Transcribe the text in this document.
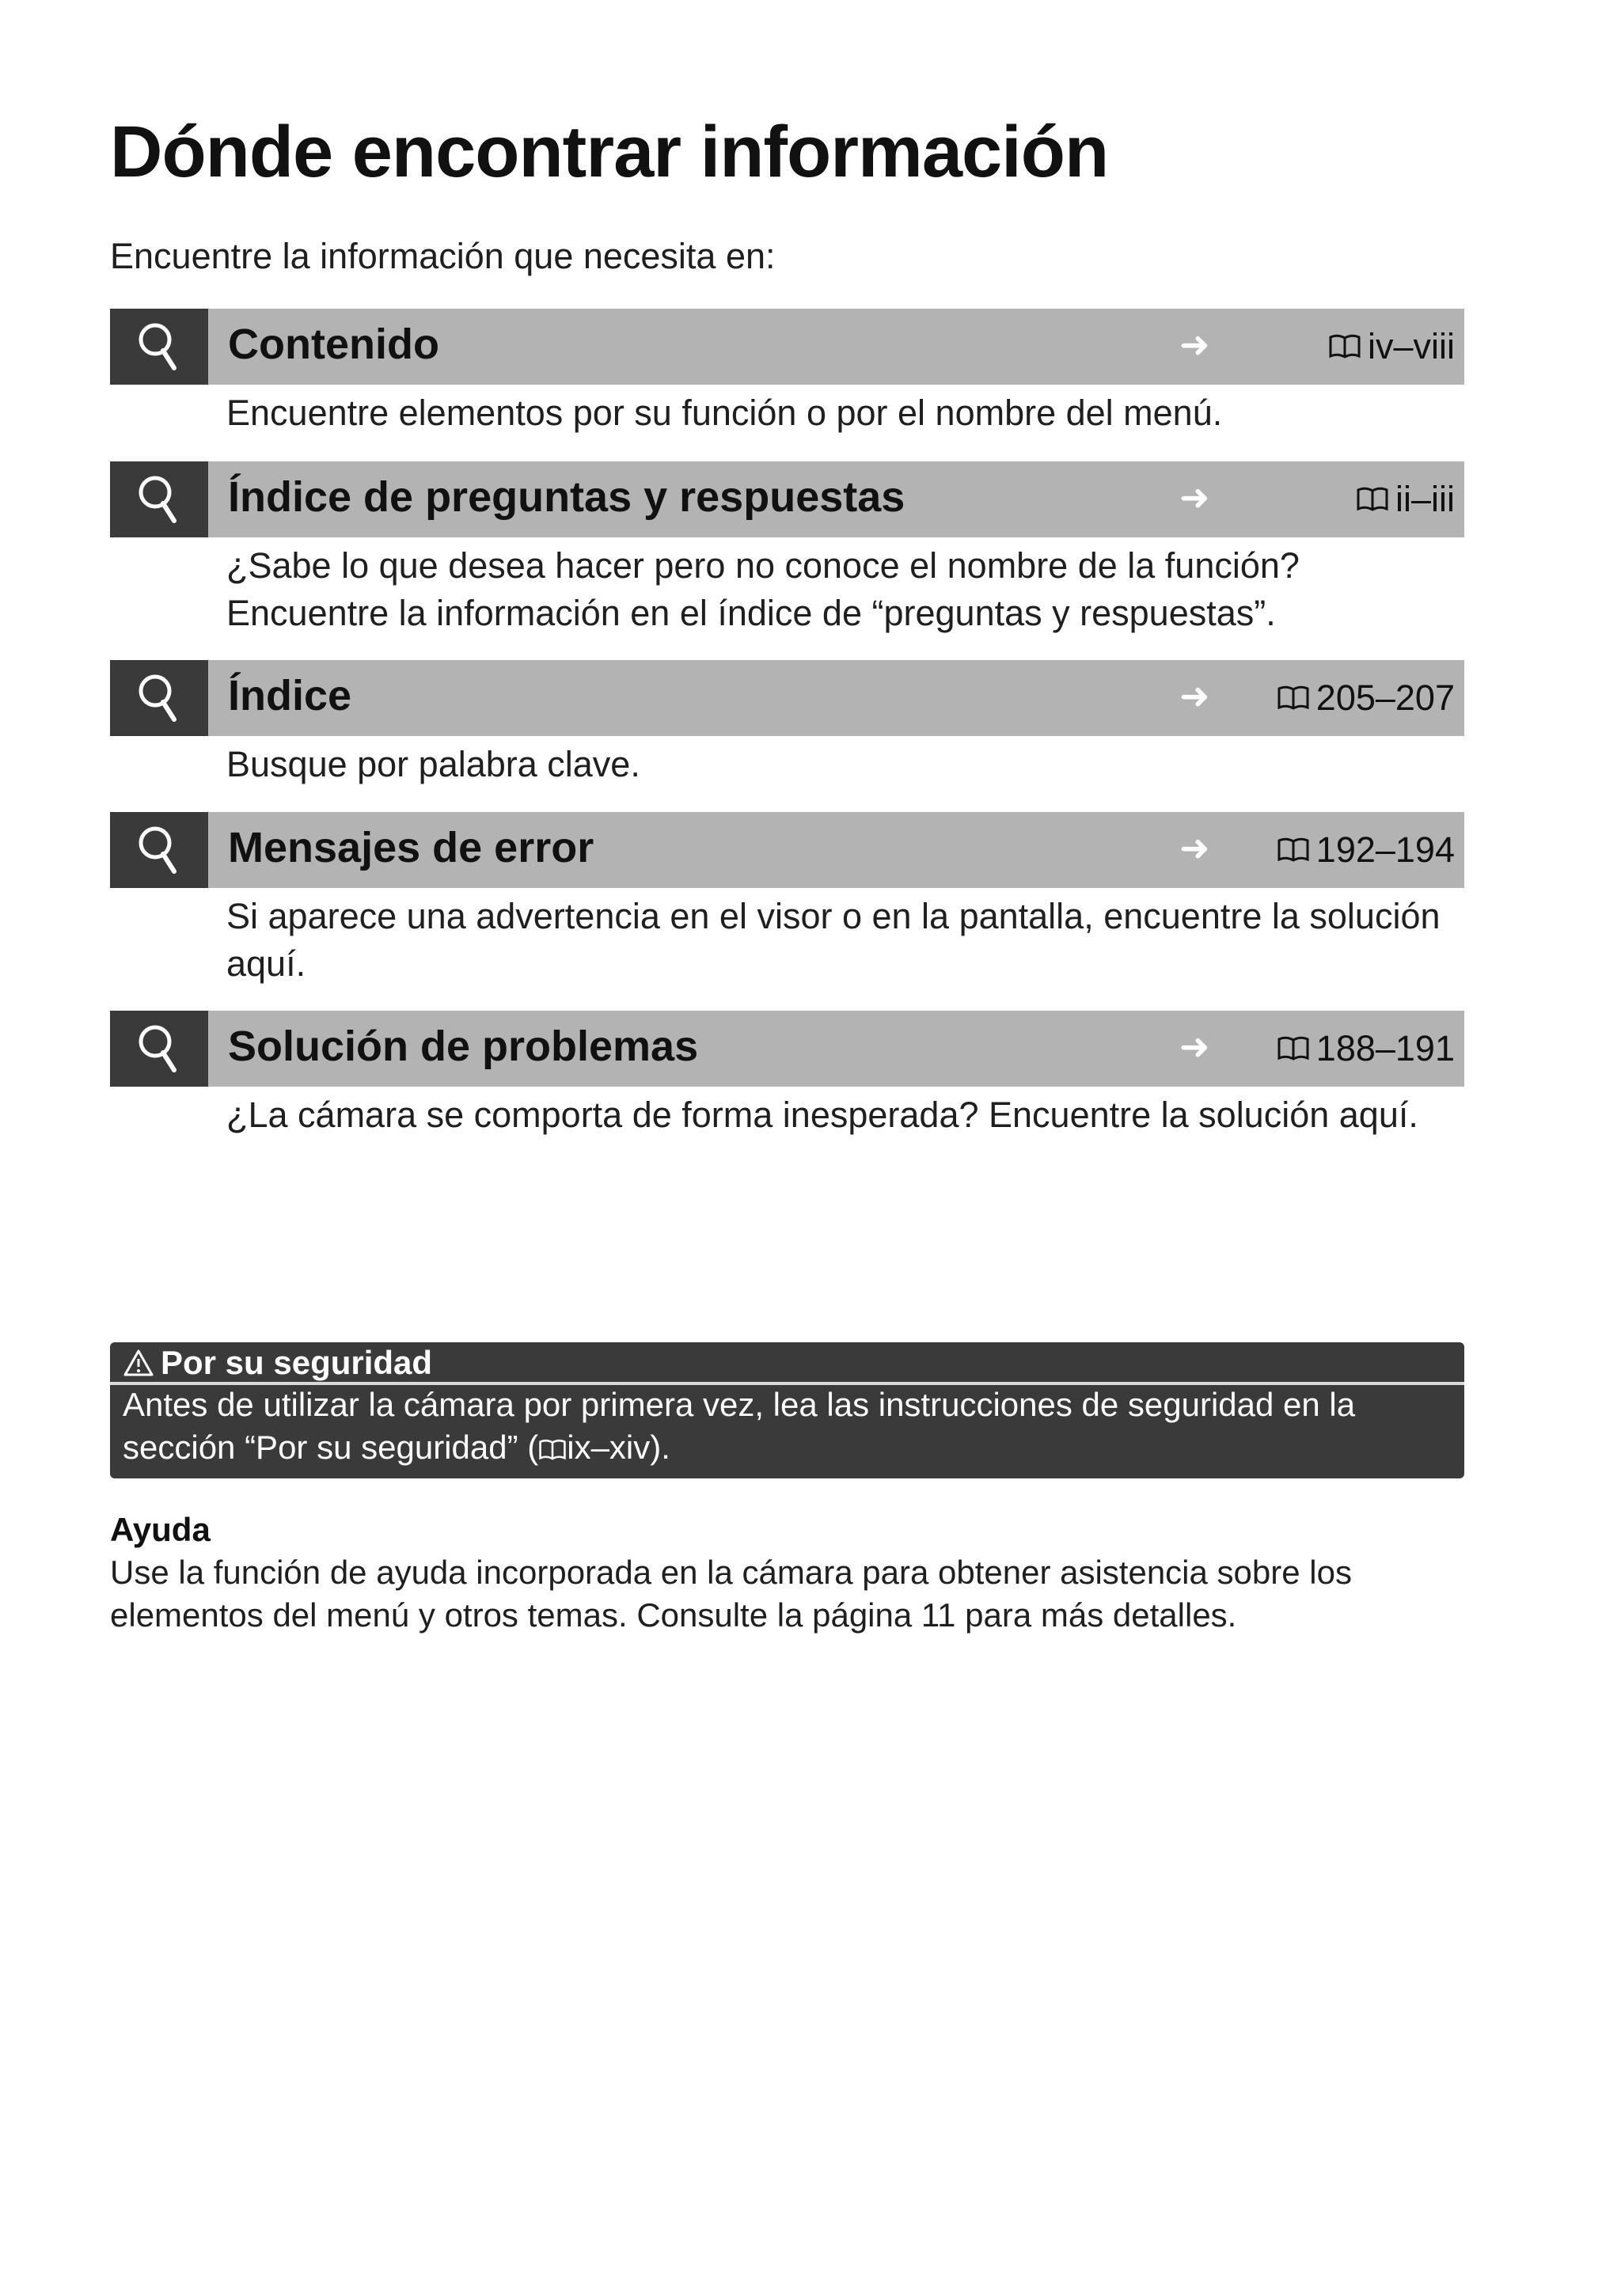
Dónde encontrar información

Encuentre la información que necesita en:

Contenido	➜	iv–viii

Encuentre elementos por su función o por el nombre del menú.

Índice de preguntas y respuestas	➜	ii–iii

¿Sabe lo que desea hacer pero no conoce el nombre de la función? Encuentre la información en el índice de “preguntas y respuestas”.

Índice	➜	205–207

Busque por palabra clave.

Mensajes de error	➜	192–194

Si aparece una advertencia en el visor o en la pantalla, encuentre la solución aquí.

Solución de problemas	➜	188–191

¿La cámara se comporta de forma inesperada? Encuentre la solución aquí.

Por su seguridad

Antes de utilizar la cámara por primera vez, lea las instrucciones de seguridad en la sección “Por su seguridad” ( ix–xiv).

Ayuda

Use la función de ayuda incorporada en la cámara para obtener asistencia sobre los elementos del menú y otros temas. Consulte la página 11 para más detalles.
